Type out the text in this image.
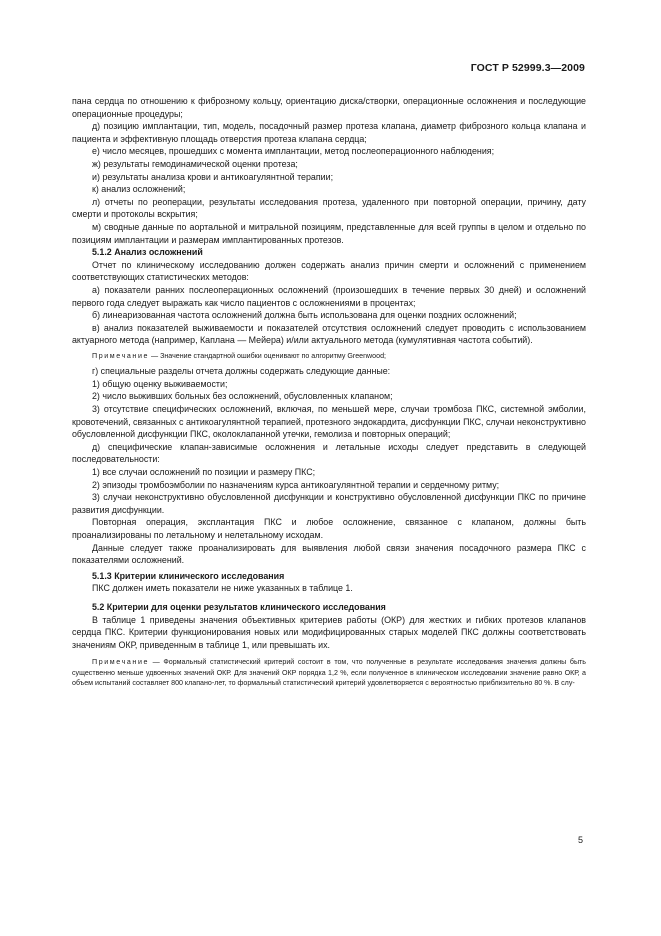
ГОСТ Р 52999.3—2009

пана сердца по отношению к фиброзному кольцу, ориентацию диска/створки, операционные осложнения и последующие операционные процедуры;

д) позицию имплантации, тип, модель, посадочный размер протеза клапана, диаметр фиброзного кольца клапана и пациента и эффективную площадь отверстия протеза клапана сердца;

е) число месяцев, прошедших с момента имплантации, метод послеоперационного наблюдения;

ж) результаты гемодинамической оценки протеза;

и) результаты анализа крови и антикоагулянтной терапии;

к) анализ осложнений;

л) отчеты по реоперации, результаты исследования протеза, удаленного при повторной операции, причину, дату смерти и протоколы вскрытия;

м) сводные данные по аортальной и митральной позициям, представленные для всей группы в целом и отдельно по позициям имплантации и размерам имплантированных протезов.

5.1.2 Анализ осложнений

Отчет по клиническому исследованию должен содержать анализ причин смерти и осложнений с применением соответствующих статистических методов:

а) показатели ранних послеоперационных осложнений (произошедших в течение первых 30 дней) и осложнений первого года следует выражать как число пациентов с осложнениями в процентах;

б) линеаризованная частота осложнений должна быть использована для оценки поздних осложнений;

в) анализ показателей выживаемости и показателей отсутствия осложнений следует проводить с использованием актуарного метода (например, Каплана — Мейера) и/или актуального метода (кумулятивная частота событий).

Примечание — Значение стандартной ошибки оценивают по алгоритму Greenwood;

г) специальные разделы отчета должны содержать следующие данные:

1) общую оценку выживаемости;

2) число выживших больных без осложнений, обусловленных клапаном;

3) отсутствие специфических осложнений, включая, по меньшей мере, случаи тромбоза ПКС, системной эмболии, кровотечений, связанных с антикоагулянтной терапией, протезного эндокардита, дисфункции ПКС, случаи неконструктивно обусловленной дисфункции ПКС, околоклапанной утечки, гемолиза и повторных операций;

д) специфические клапан-зависимые осложнения и летальные исходы следует представить в следующей последовательности:

1) все случаи осложнений по позиции и размеру ПКС;

2) эпизоды тромбоэмболии по назначениям курса антикоагулянтной терапии и сердечному ритму;

3) случаи неконструктивно обусловленной дисфункции и конструктивно обусловленной дисфункции ПКС по причине развития дисфункции.

Повторная операция, эксплантация ПКС и любое осложнение, связанное с клапаном, должны быть проанализированы по летальному и нелетальному исходам.

Данные следует также проанализировать для выявления любой связи значения посадочного размера ПКС с показателями осложнений.

5.1.3 Критерии клинического исследования

ПКС должен иметь показатели не ниже указанных в таблице 1.

5.2 Критерии для оценки результатов клинического исследования

В таблице 1 приведены значения объективных критериев работы (ОКР) для жестких и гибких протезов клапанов сердца ПКС. Критерии функционирования новых или модифицированных старых моделей ПКС должны соответствовать значениям ОКР, приведенным в таблице 1, или превышать их.

Примечание — Формальный статистический критерий состоит в том, что полученные в результате исследования значения должны быть существенно меньше удвоенных значений ОКР. Для значений ОКР порядка 1,2 %, если полученное в клиническом исследовании значение равно ОКР, а объем испытаний составляет 800 клапано-лет, то формальный статистический критерий удовлетворяется с вероятностью приблизительно 80 %. В слу-

5
